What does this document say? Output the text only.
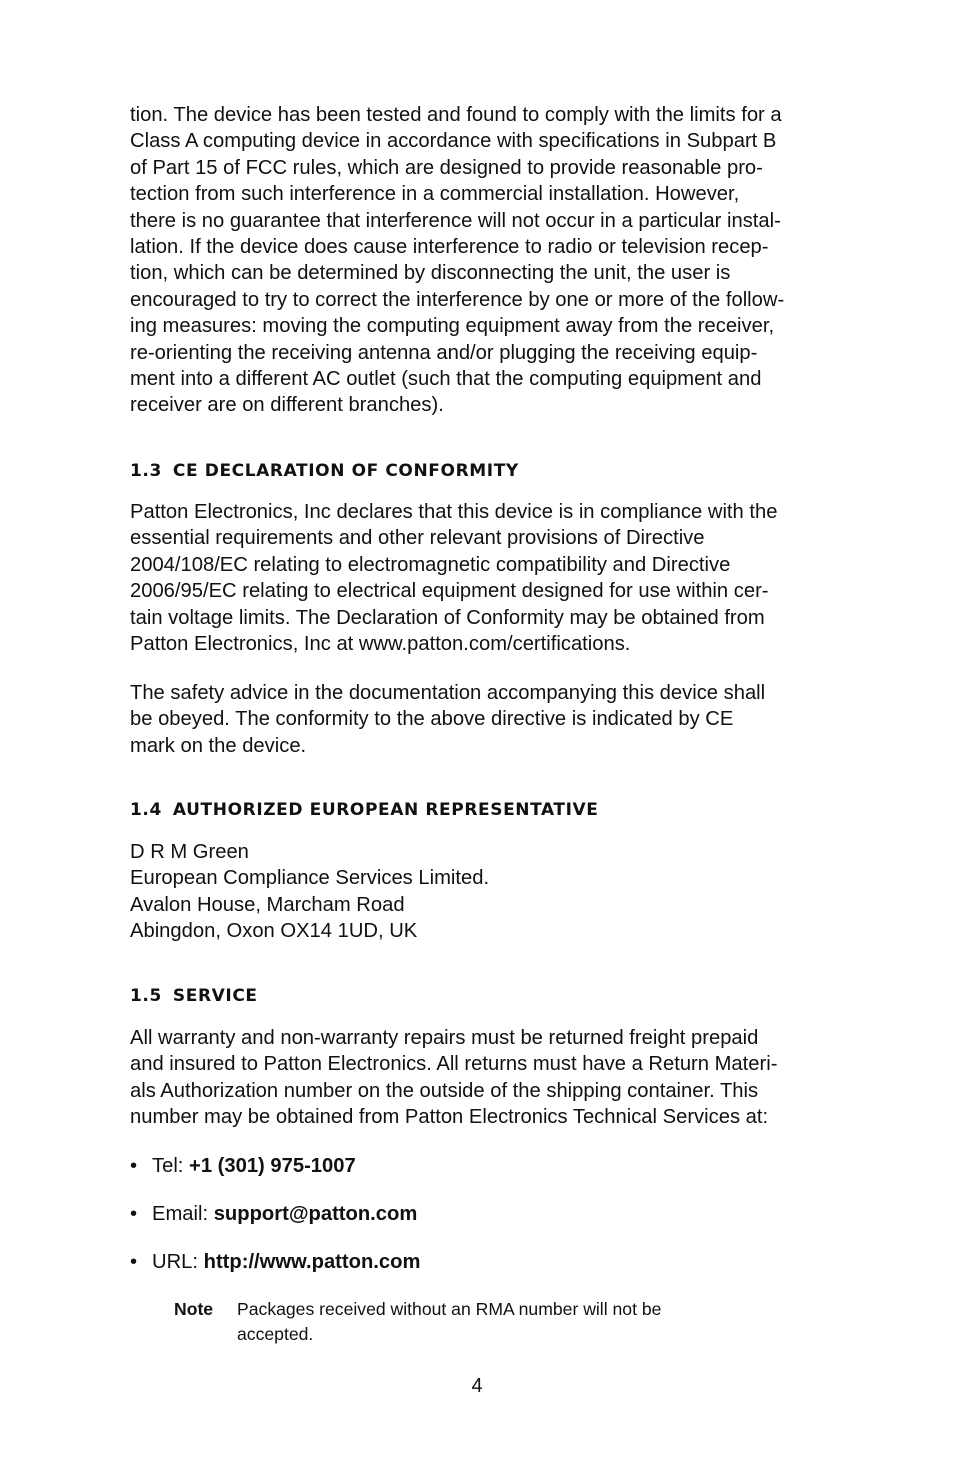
tion. The device has been tested and found to comply with the limits for a
Class A computing device in accordance with specifications in Subpart B
of Part 15 of FCC rules, which are designed to provide reasonable pro-
tection from such interference in a commercial installation. However,
there is no guarantee that interference will not occur in a particular instal-
lation. If the device does cause interference to radio or television recep-
tion, which can be determined by disconnecting the unit, the user is
encouraged to try to correct the interference by one or more of the follow-
ing measures: moving the computing equipment away from the receiver,
re-orienting the receiving antenna and/or plugging the receiving equip-
ment into a different AC outlet (such that the computing equipment and
receiver are on different branches).

1.3 CE DECLARATION OF CONFORMITY

Patton Electronics, Inc declares that this device is in compliance with the
essential requirements and other relevant provisions of Directive
2004/108/EC relating to electromagnetic compatibility and Directive
2006/95/EC relating to electrical equipment designed for use within cer-
tain voltage limits. The Declaration of Conformity may be obtained from
Patton Electronics, Inc at www.patton.com/certifications.

The safety advice in the documentation accompanying this device shall
be obeyed. The conformity to the above directive is indicated by CE
mark on the device.

1.4 AUTHORIZED EUROPEAN REPRESENTATIVE

D R M Green
European Compliance Services Limited.
Avalon House, Marcham Road
Abingdon, Oxon OX14 1UD, UK

1.5 SERVICE

All warranty and non-warranty repairs must be returned freight prepaid
and insured to Patton Electronics. All returns must have a Return Materi-
als Authorization number on the outside of the shipping container. This
number may be obtained from Patton Electronics Technical Services at:

• Tel: +1 (301) 975-1007
• Email: support@patton.com
• URL: http://www.patton.com
Note Packages received without an RMA number will not be
accepted.
4
